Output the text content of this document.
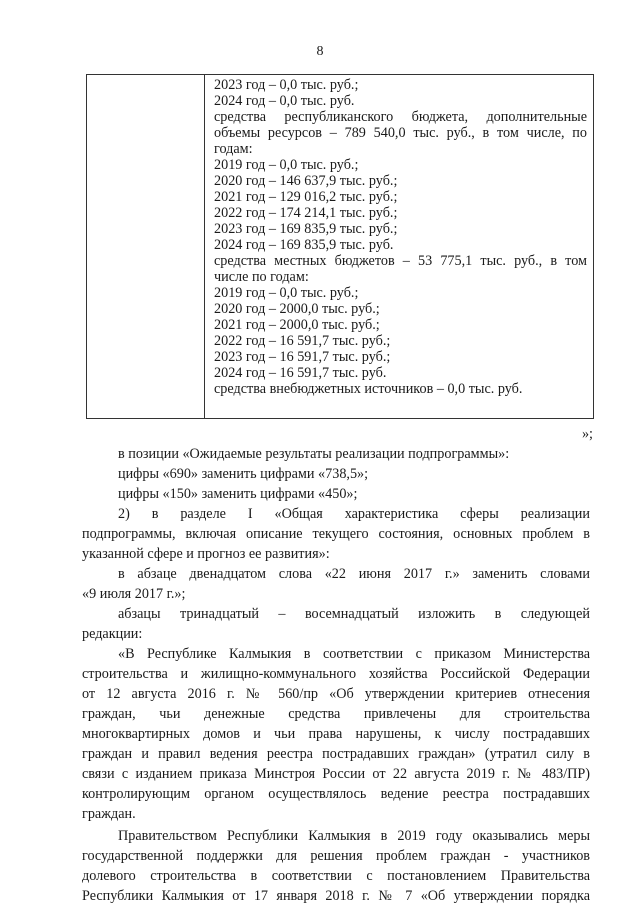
8
2023 год – 0,0 тыс. руб.;
2024 год – 0,0 тыс. руб.
средства республиканского бюджета, дополнительные
объемы ресурсов – 789 540,0 тыс. руб., в том числе, по
годам:
2019 год – 0,0 тыс. руб.;
2020 год – 146 637,9 тыс. руб.;
2021 год – 129 016,2 тыс. руб.;
2022 год – 174 214,1 тыс. руб.;
2023 год – 169 835,9 тыс. руб.;
2024 год – 169 835,9 тыс. руб.
средства местных бюджетов – 53 775,1 тыс. руб., в том
числе по годам:
2019 год – 0,0 тыс. руб.;
2020 год – 2000,0 тыс. руб.;
2021 год – 2000,0 тыс. руб.;
2022 год – 16 591,7 тыс. руб.;
2023 год – 16 591,7 тыс. руб.;
2024 год – 16 591,7 тыс. руб.
средства внебюджетных источников – 0,0 тыс. руб.
»;
в позиции «Ожидаемые результаты реализации подпрограммы»:
цифры «690» заменить цифрами «738,5»;
цифры «150» заменить цифрами «450»;
2) в разделе I «Общая характеристика сферы реализации
подпрограммы, включая описание текущего состояния, основных проблем в
указанной сфере и прогноз ее развития»:
в абзаце двенадцатом слова «22 июня 2017 г.» заменить словами
«9 июля 2017 г.»;
абзацы тринадцатый – восемнадцатый изложить в следующей
редакции:
«В Республике Калмыкия в соответствии с приказом Министерства
строительства и жилищно-коммунального хозяйства Российской Федерации
от 12 августа 2016 г. № 560/пр «Об утверждении критериев отнесения
граждан, чьи денежные средства привлечены для строительства
многоквартирных домов и чьи права нарушены, к числу пострадавших
граждан и правил ведения реестра пострадавших граждан» (утратил силу в
связи с изданием приказа Минстроя России от 22 августа 2019 г. № 483/ПР)
контролирующим органом осуществлялось ведение реестра пострадавших
граждан.
Правительством Республики Калмыкия в 2019 году оказывались меры
государственной поддержки для решения проблем граждан - участников
долевого строительства в соответствии с постановлением Правительства
Республики Калмыкия от 17 января 2018 г. № 7 «Об утверждении порядка
